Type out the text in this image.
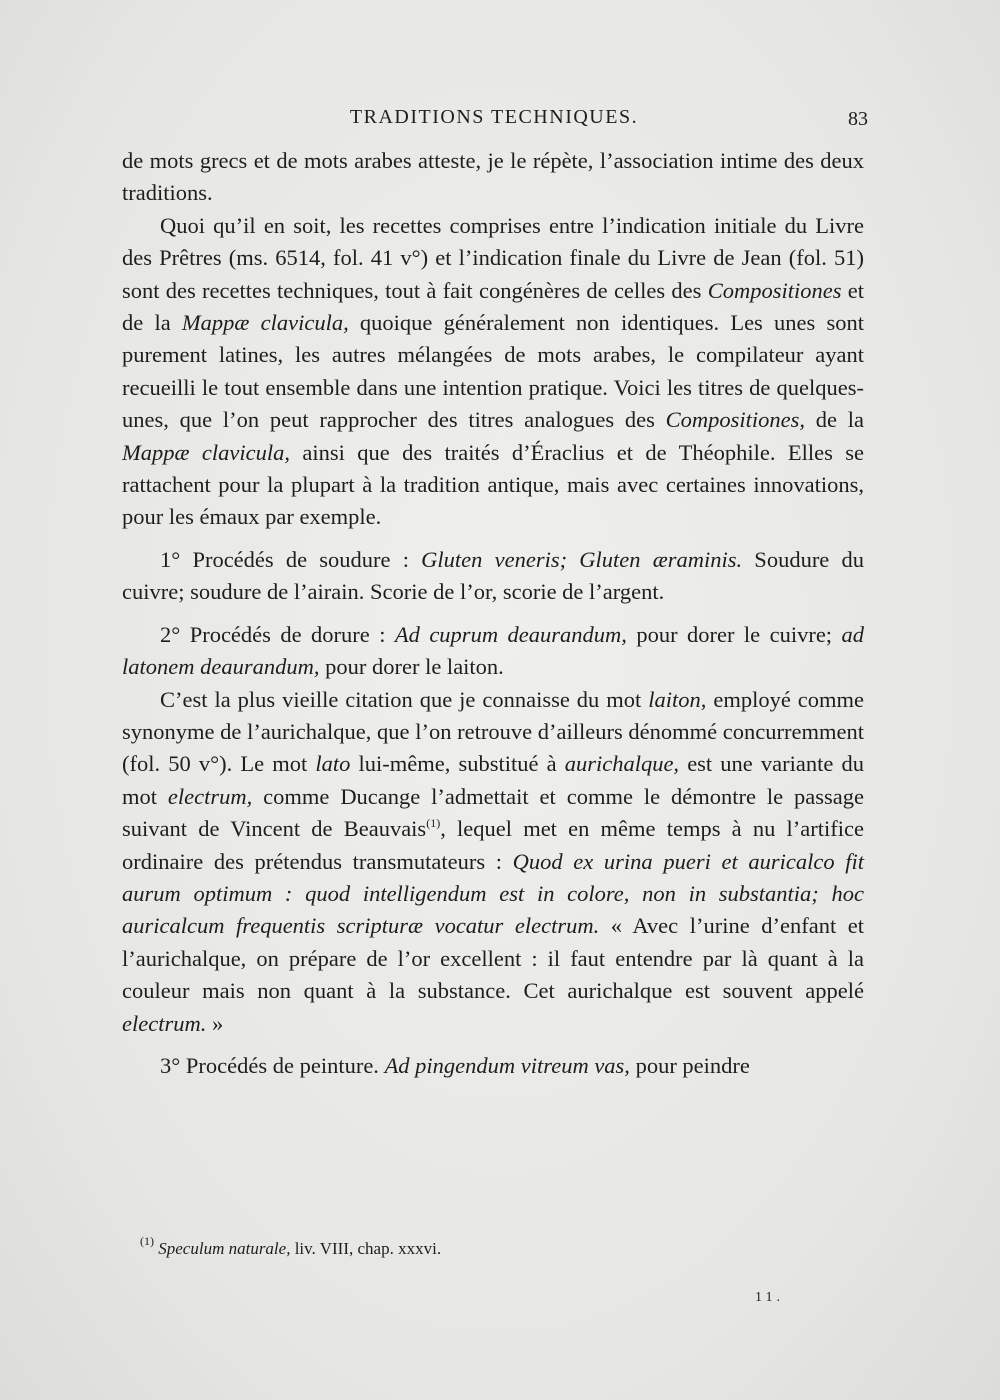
TRADITIONS TECHNIQUES.	83

de mots grecs et de mots arabes atteste, je le répète, l’association intime des deux traditions.

Quoi qu’il en soit, les recettes comprises entre l’indication initiale du Livre des Prêtres (ms. 6514, fol. 41 v°) et l’indication finale du Livre de Jean (fol. 51) sont des recettes techniques, tout à fait congénères de celles des Compositiones et de la Mappæ clavicula, quoique généralement non identiques. Les unes sont purement latines, les autres mélangées de mots arabes, le compilateur ayant recueilli le tout ensemble dans une intention pratique. Voici les titres de quelques-unes, que l’on peut rapprocher des titres analogues des Compositiones, de la Mappæ clavicula, ainsi que des traités d’Éraclius et de Théophile. Elles se rattachent pour la plupart à la tradition antique, mais avec certaines innovations, pour les émaux par exemple.

1° Procédés de soudure : Gluten veneris; Gluten æraminis. Soudure du cuivre; soudure de l’airain. Scorie de l’or, scorie de l’argent.

2° Procédés de dorure : Ad cuprum deaurandum, pour dorer le cuivre; ad latonem deaurandum, pour dorer le laiton.

C’est la plus vieille citation que je connaisse du mot laiton, employé comme synonyme de l’aurichalque, que l’on retrouve d’ailleurs dénommé concurremment (fol. 50 v°). Le mot lato lui-même, substitué à aurichalque, est une variante du mot electrum, comme Ducange l’admettait et comme le démontre le passage suivant de Vincent de Beauvais$^{(1)}$, lequel met en même temps à nu l’artifice ordinaire des prétendus transmutateurs : Quod ex urina pueri et auricalco fit aurum optimum : quod intelligendum est in colore, non in substantia; hoc auricalcum frequentis scripturæ vocatur electrum. « Avec l’urine d’enfant et l’aurichalque, on prépare de l’or excellent : il faut entendre par là quant à la couleur mais non quant à la substance. Cet aurichalque est souvent appelé electrum. »

3° Procédés de peinture. Ad pingendum vitreum vas, pour peindre

$^{(1)}$ Speculum naturale, liv. VIII, chap. xxxvi.
11.
